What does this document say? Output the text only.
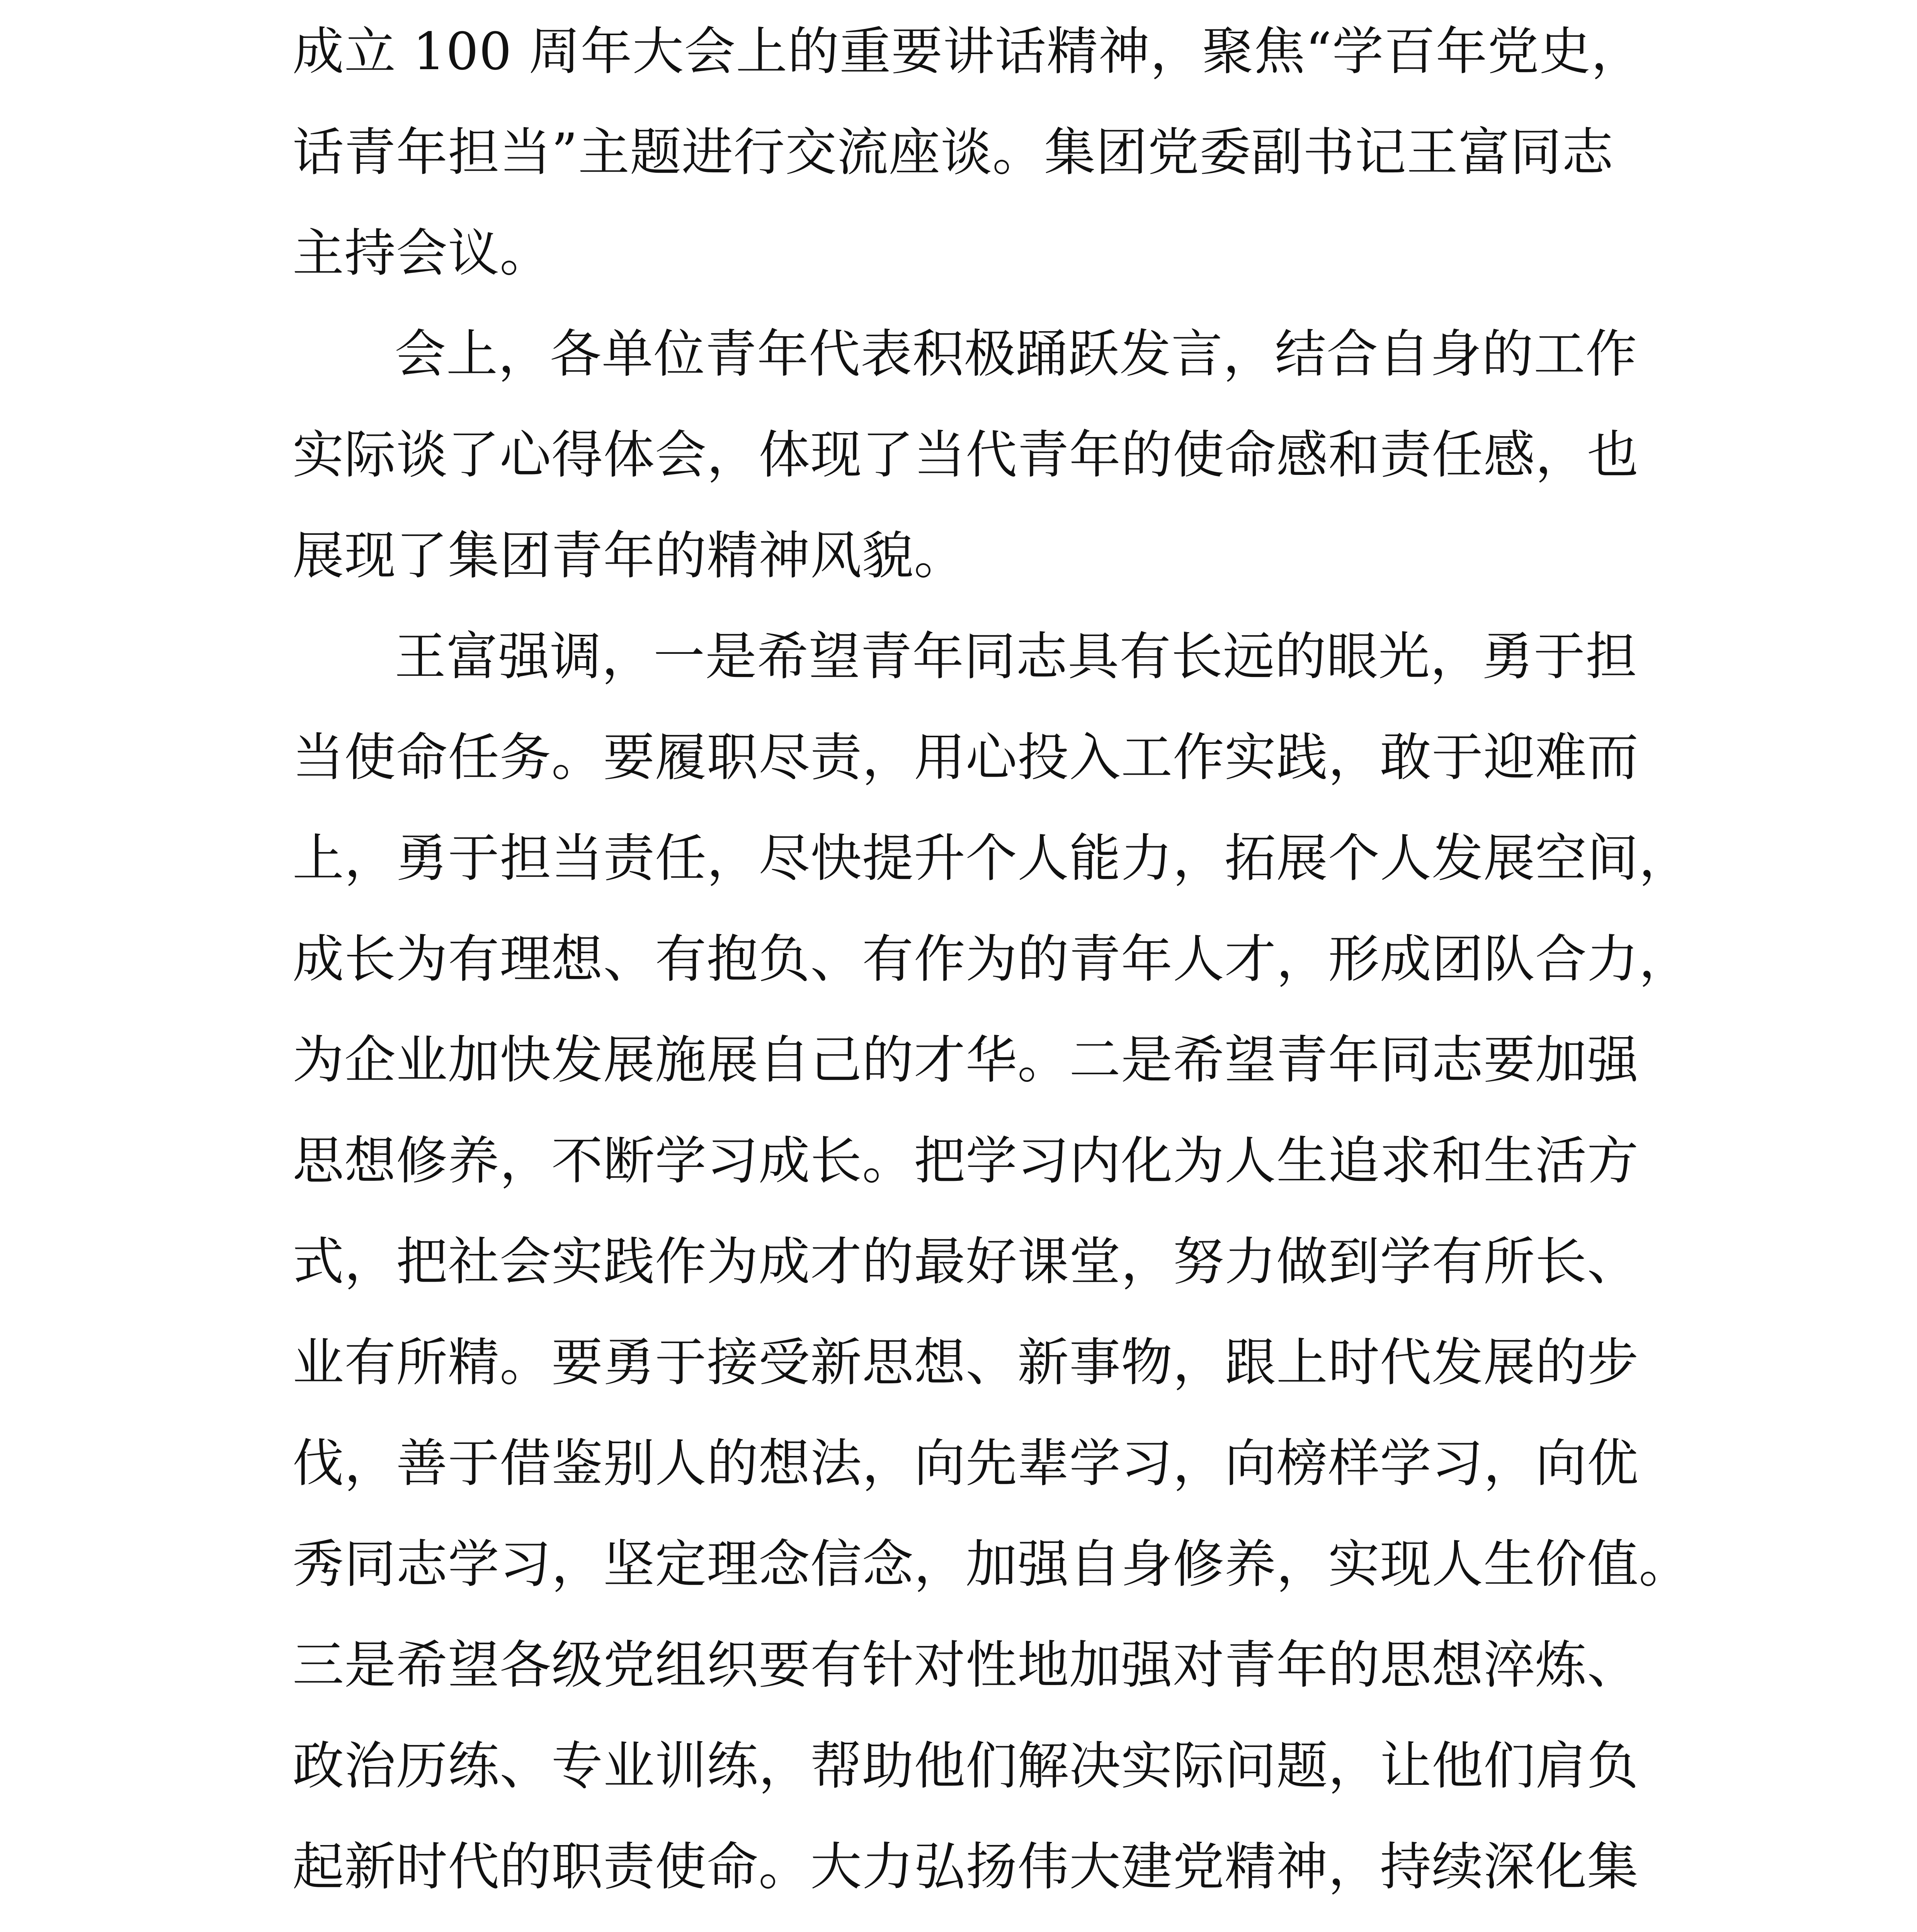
成立 100 周年大会上的重要讲话精神，聚焦“学百年党史，
话青年担当”主题进行交流座谈。集团党委副书记王富同志
主持会议。
会上，各单位青年代表积极踊跃发言，结合自身的工作
实际谈了心得体会，体现了当代青年的使命感和责任感，也
展现了集团青年的精神风貌。
王富强调，一是希望青年同志具有长远的眼光，勇于担
当使命任务。要履职尽责，用心投入工作实践，敢于迎难而
上，勇于担当责任，尽快提升个人能力，拓展个人发展空间，
成长为有理想、有抱负、有作为的青年人才，形成团队合力，
为企业加快发展施展自己的才华。二是希望青年同志要加强
思想修养，不断学习成长。把学习内化为人生追求和生活方
式，把社会实践作为成才的最好课堂，努力做到学有所长、
业有所精。要勇于接受新思想、新事物，跟上时代发展的步
伐，善于借鉴别人的想法，向先辈学习，向榜样学习，向优
秀同志学习，坚定理念信念，加强自身修养，实现人生价值。
三是希望各级党组织要有针对性地加强对青年的思想淬炼、
政治历练、专业训练，帮助他们解决实际问题，让他们肩负
起新时代的职责使命。大力弘扬伟大建党精神，持续深化集
